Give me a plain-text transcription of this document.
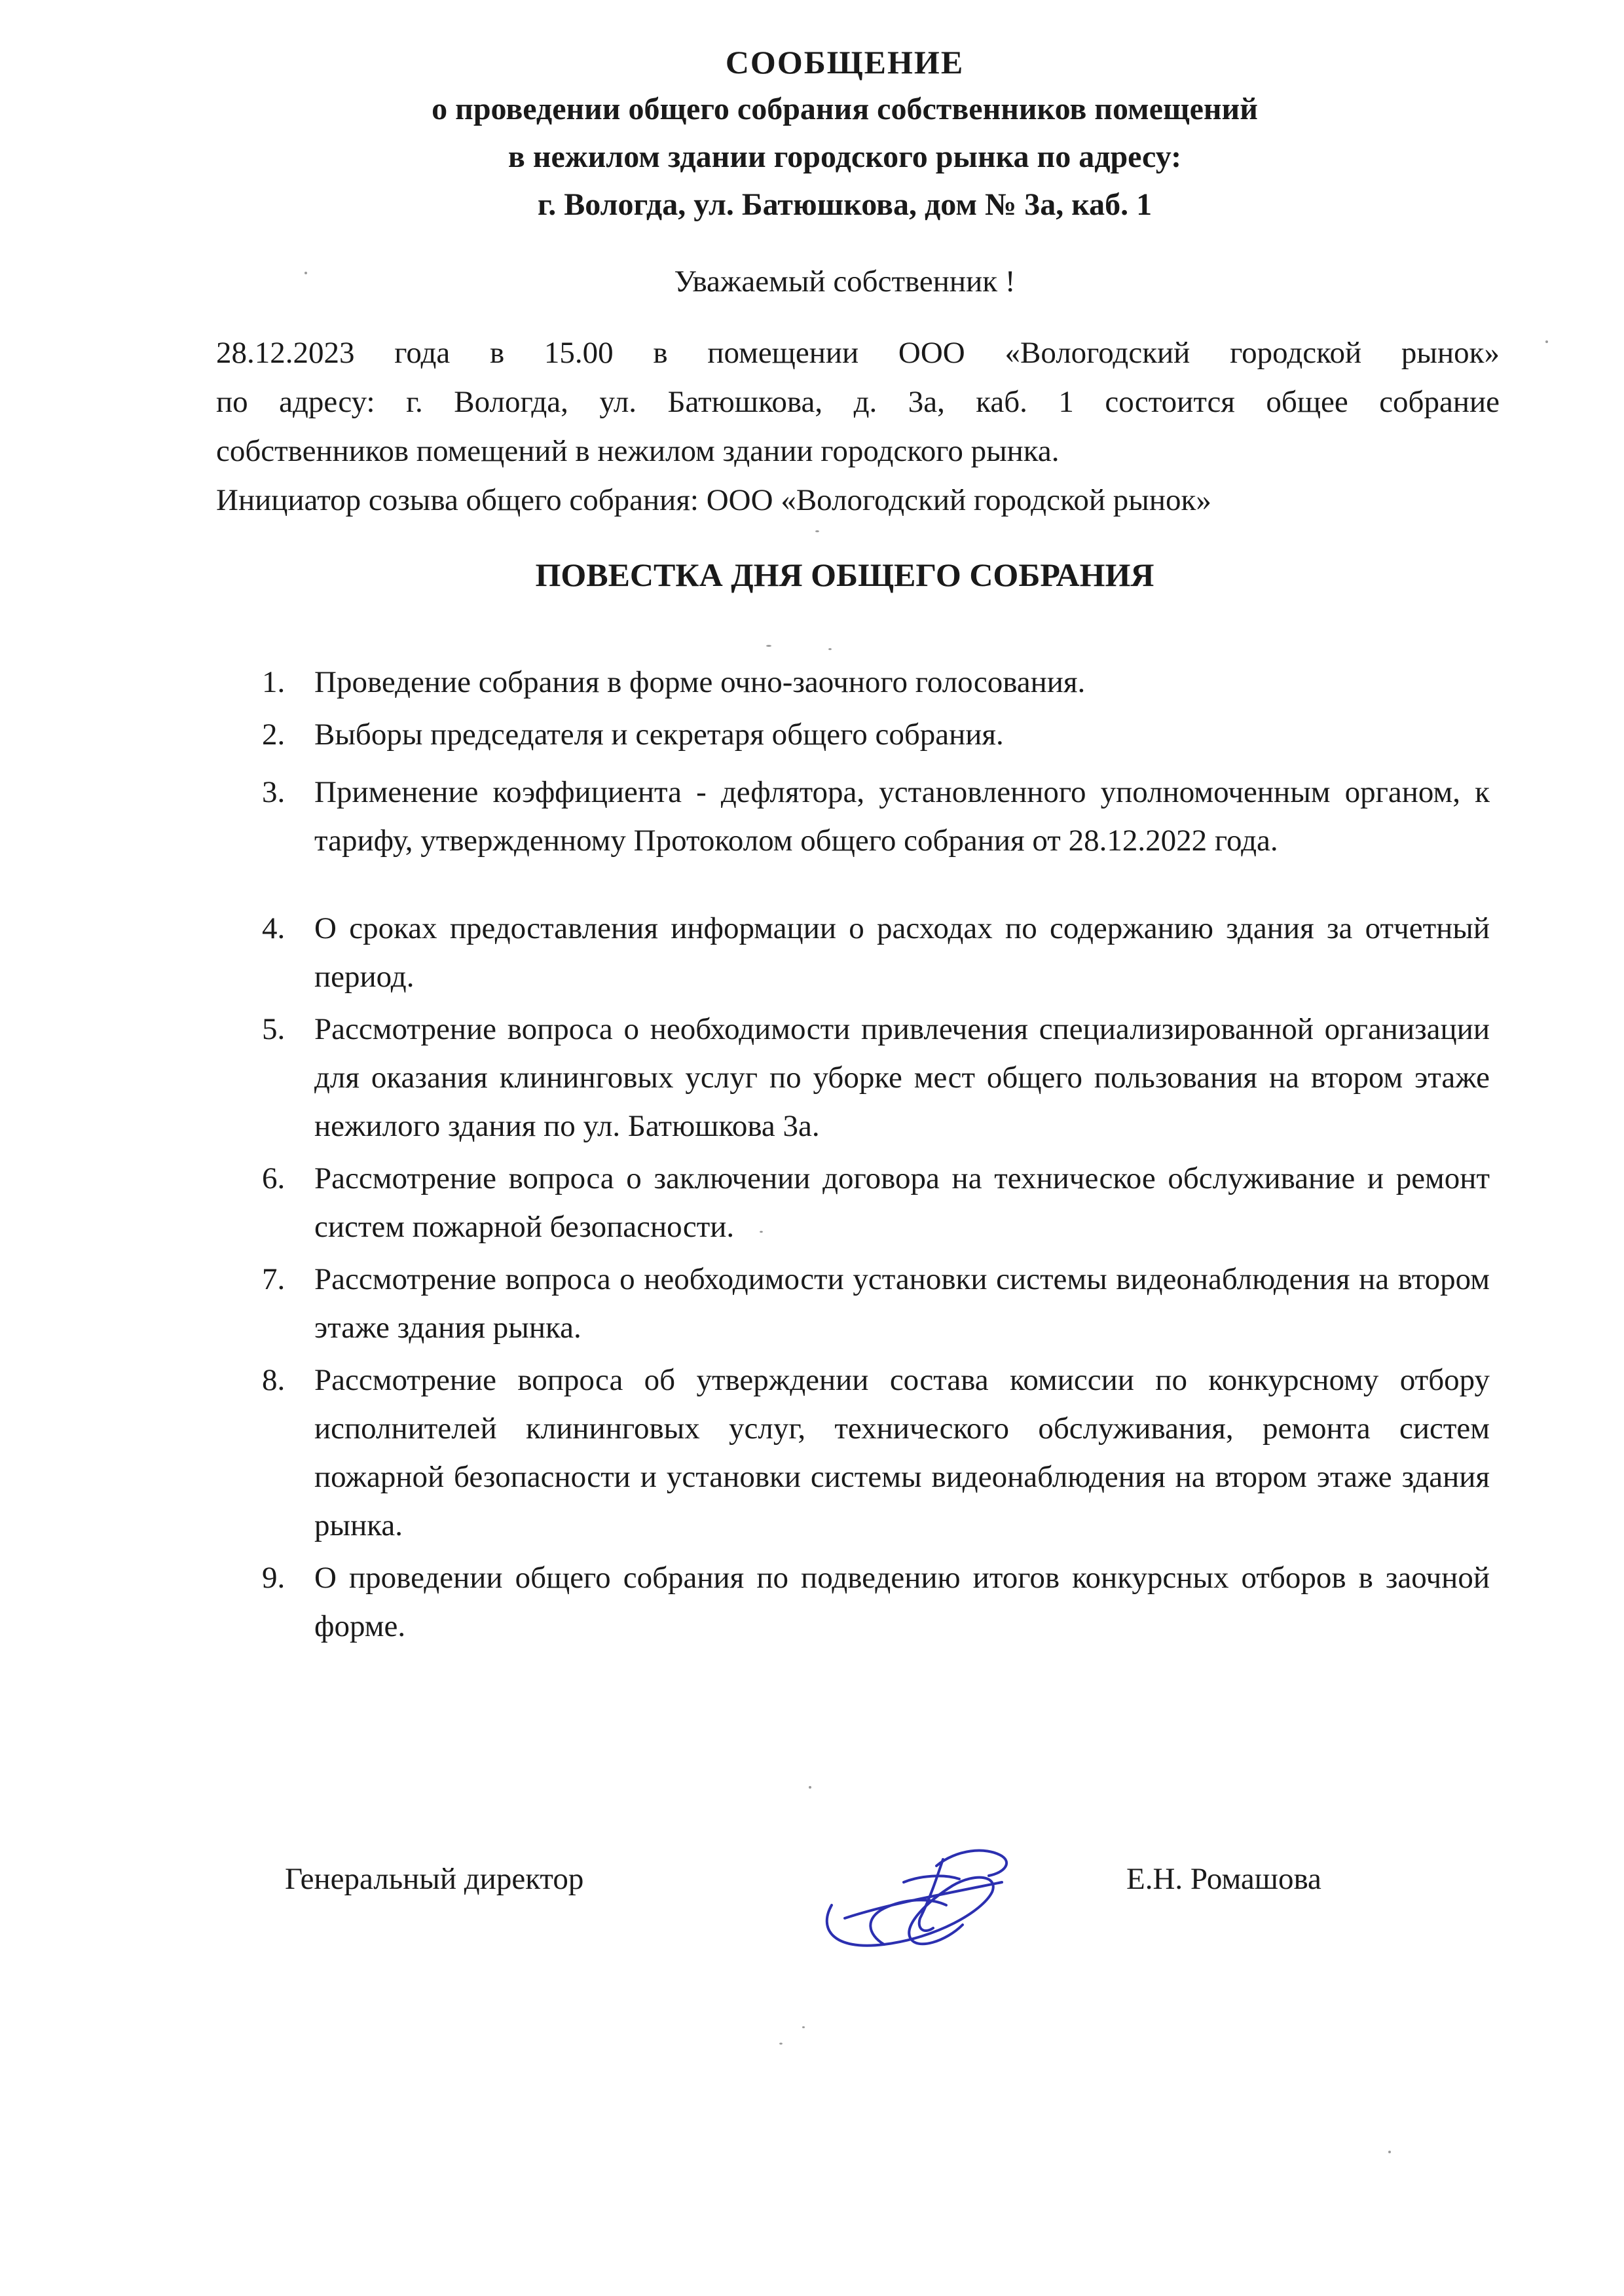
СООБЩЕНИЕ
о проведении общего собрания собственников помещений
в нежилом здании городского рынка по адресу:
г. Вологда, ул. Батюшкова, дом № 3а, каб. 1
Уважаемый собственник !

28.12.2023 года в 15.00 в помещении ООО «Вологодский городской рынок»

по адресу: г. Вологда, ул. Батюшкова, д. 3а, каб. 1 состоится общее собрание

собственников помещений в нежилом здании городского рынка.

Инициатор созыва общего собрания: ООО «Вологодский городской рынок»

ПОВЕСТКА ДНЯ ОБЩЕГО СОБРАНИЯ
1. Проведение собрания в форме очно-заочного голосования.
2. Выборы председателя и секретаря общего собрания.
3. Применение коэффициента - дефлятора, установленного уполномоченным органом, к тарифу, утвержденному Протоколом общего собрания от 28.12.2022 года.
4. О сроках предоставления информации о расходах по содержанию здания за отчетный период.
5. Рассмотрение вопроса о необходимости привлечения специализированной организации для оказания клининговых услуг по уборке мест общего пользования на втором этаже нежилого здания по ул. Батюшкова 3а.
6. Рассмотрение вопроса о заключении договора на техническое обслуживание и ремонт систем пожарной безопасности.
7. Рассмотрение вопроса о необходимости установки системы видеонаблюдения на втором этаже здания рынка.
8. Рассмотрение вопроса об утверждении состава комиссии по конкурсному отбору исполнителей клининговых услуг, технического обслуживания, ремонта систем пожарной безопасности и установки системы видеонаблюдения на втором этаже здания рынка.
9. О проведении общего собрания по подведению итогов конкурсных отборов в заочной форме.
Генеральный директор	Е.Н. Ромашова
